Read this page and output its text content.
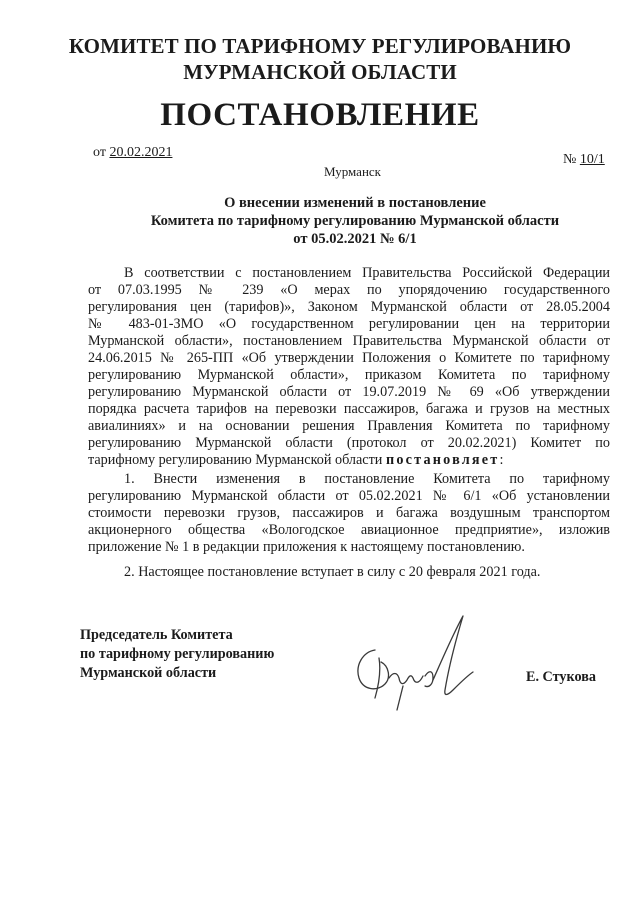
КОМИТЕТ ПО ТАРИФНОМУ РЕГУЛИРОВАНИЮ
МУРМАНСКОЙ ОБЛАСТИ
ПОСТАНОВЛЕНИЕ
от 20.02.2021
Мурманск
№ 10/1
О внесении изменений в постановление
Комитета по тарифному регулированию Мурманской области
от 05.02.2021 № 6/1
В соответствии с постановлением Правительства Российской Федерации
от 07.03.1995 № 239 «О мерах по упорядочению государственного
регулирования цен (тарифов)», Законом Мурманской области от 28.05.2004
№ 483-01-ЗМО «О государственном регулировании цен на территории
Мурманской области», постановлением Правительства Мурманской области от
24.06.2015 № 265-ПП «Об утверждении Положения о Комитете по тарифному
регулированию Мурманской области», приказом Комитета по тарифному
регулированию Мурманской области от 19.07.2019 № 69 «Об утверждении
порядка расчета тарифов на перевозки пассажиров, багажа и грузов на местных
авиалиниях» и на основании решения Правления Комитета по тарифному
регулированию Мурманской области (протокол от 20.02.2021) Комитет по
тарифному регулированию Мурманской области постановляет:
1. Внести изменения в постановление Комитета по тарифному
регулированию Мурманской области от 05.02.2021 № 6/1 «Об установлении
стоимости перевозки грузов, пассажиров и багажа воздушным транспортом
акционерного общества «Вологодское авиационное предприятие», изложив
приложение № 1 в редакции приложения к настоящему постановлению.
2. Настоящее постановление вступает в силу с 20 февраля 2021 года.
Председатель Комитета
по тарифному регулированию
Мурманской области	Е. Стукова
